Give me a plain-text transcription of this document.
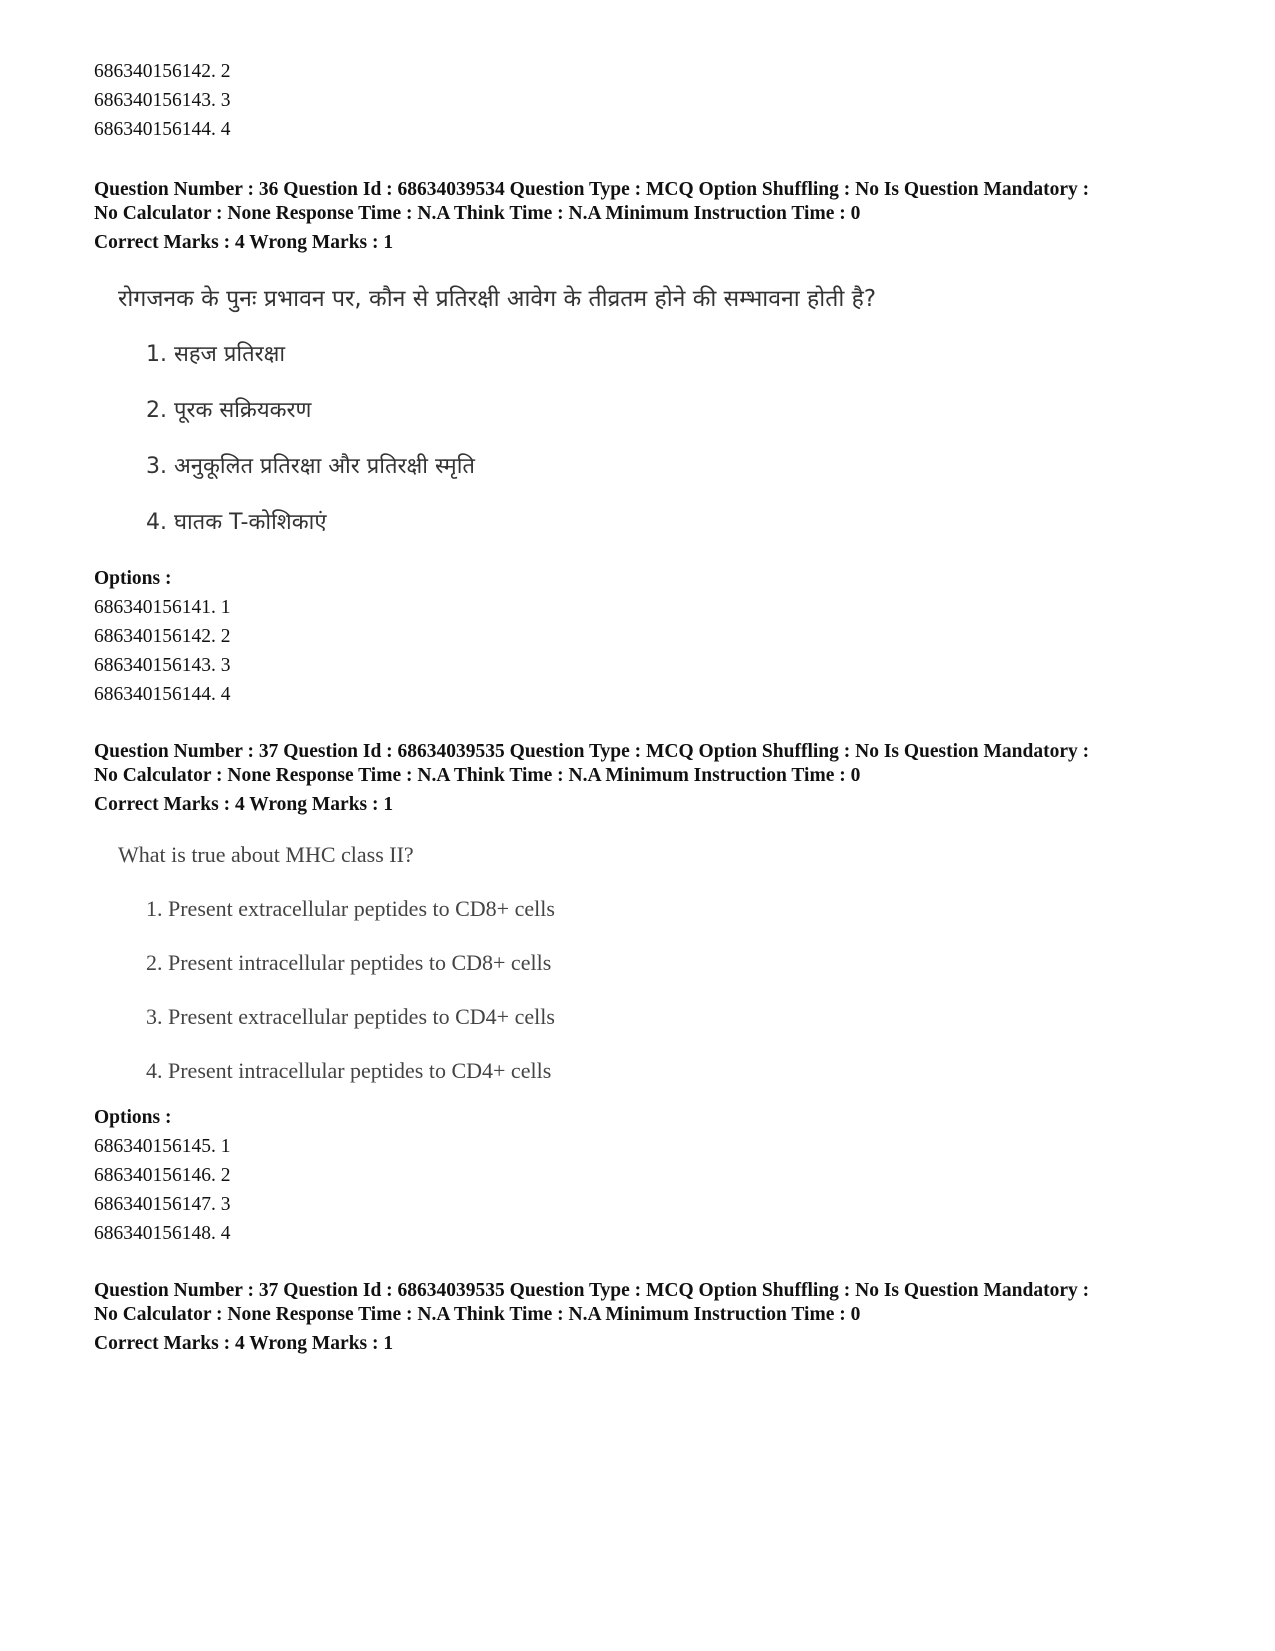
686340156142. 2
686340156143. 3
686340156144. 4
Question Number : 36 Question Id : 68634039534 Question Type : MCQ Option Shuffling : No Is Question Mandatory :
No Calculator : None Response Time : N.A Think Time : N.A Minimum Instruction Time : 0
Correct Marks : 4 Wrong Marks : 1
रोगजनक के पुनः प्रभावन पर, कौन से प्रतिरक्षी आवेग के तीव्रतम होने की सम्भावना होती है?
1. सहज प्रतिरक्षा
2. पूरक सक्रियकरण
3. अनुकूलित प्रतिरक्षा और प्रतिरक्षी स्मृति
4. घातक T-कोशिकाएं
Options :
686340156141. 1
686340156142. 2
686340156143. 3
686340156144. 4
Question Number : 37 Question Id : 68634039535 Question Type : MCQ Option Shuffling : No Is Question Mandatory :
No Calculator : None Response Time : N.A Think Time : N.A Minimum Instruction Time : 0
Correct Marks : 4 Wrong Marks : 1
What is true about MHC class II?
1. Present extracellular peptides to CD8+ cells
2. Present intracellular peptides to CD8+ cells
3. Present extracellular peptides to CD4+ cells
4. Present intracellular peptides to CD4+ cells
Options :
686340156145. 1
686340156146. 2
686340156147. 3
686340156148. 4
Question Number : 37 Question Id : 68634039535 Question Type : MCQ Option Shuffling : No Is Question Mandatory :
No Calculator : None Response Time : N.A Think Time : N.A Minimum Instruction Time : 0
Correct Marks : 4 Wrong Marks : 1
